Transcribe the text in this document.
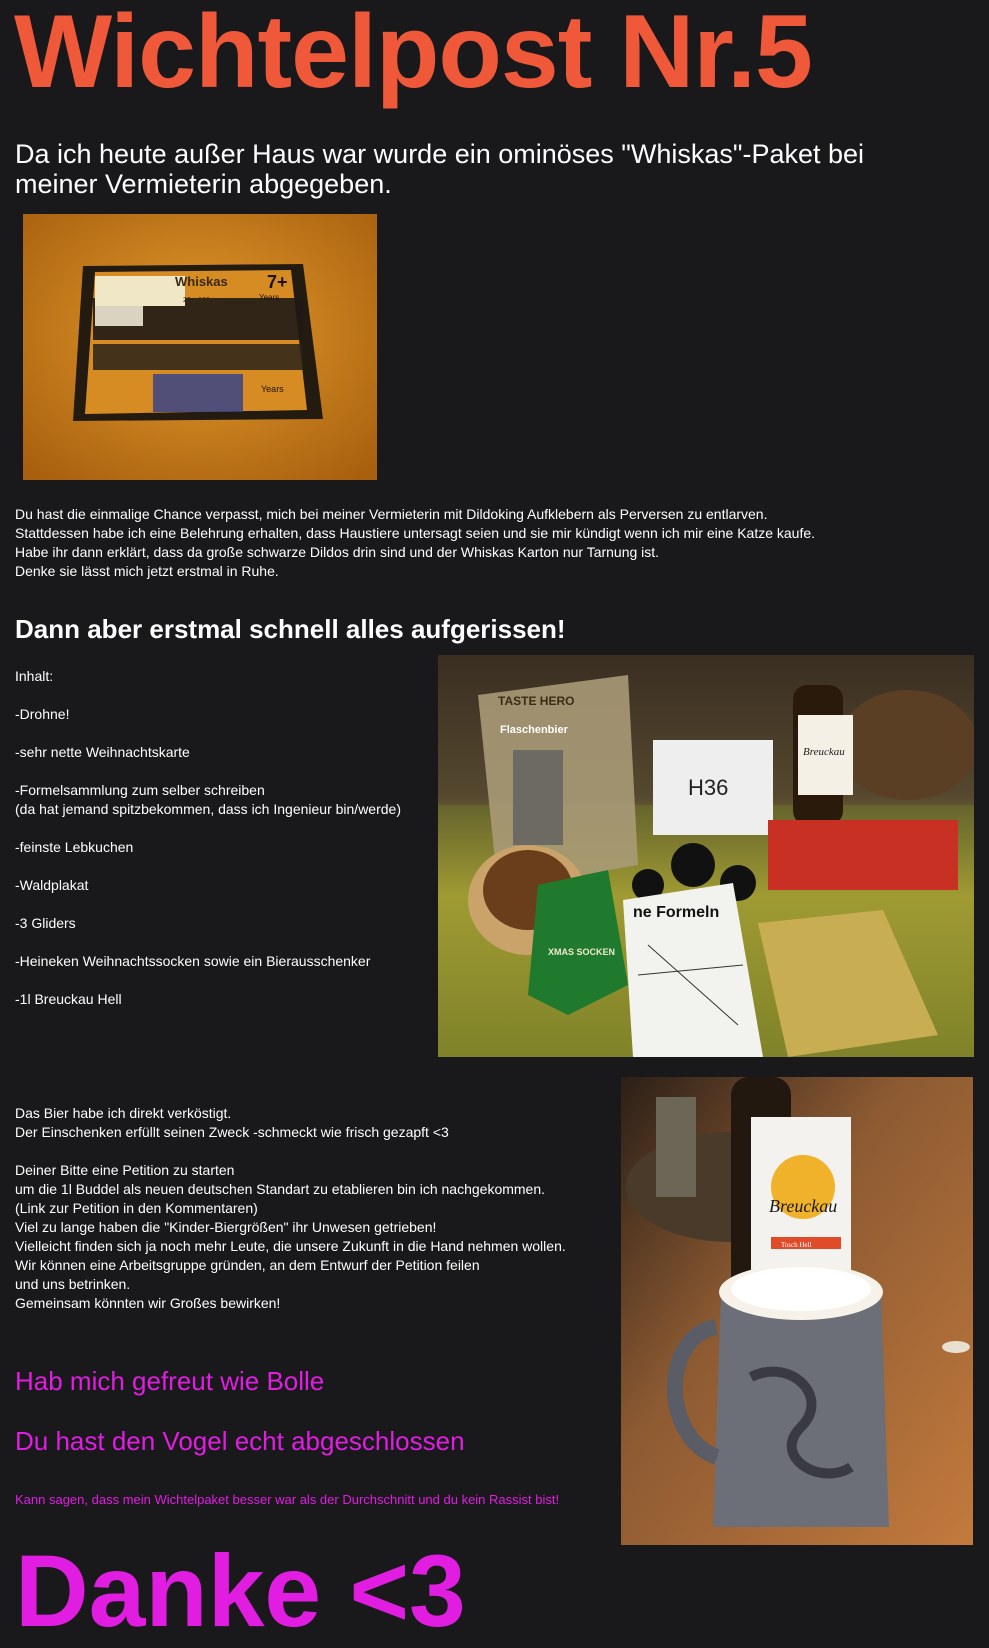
Wichtelpost Nr.5

Da ich heute außer Haus war wurde ein ominöses "Whiskas"-Paket bei meiner Vermieterin abgegeben.

Whiskas 7+
Years
20 x 100 g
Years

Du hast die einmalige Chance verpasst, mich bei meiner Vermieterin mit Dildoking Aufklebern als Perversen zu entlarven.

Stattdessen habe ich eine Belehrung erhalten, dass Haustiere untersagt seien und sie mir kündigt wenn ich mir eine Katze kaufe.

Habe ihr dann erklärt, dass da große schwarze Dildos drin sind und der Whiskas Karton nur Tarnung ist.

Denke sie lässt mich jetzt erstmal in Ruhe.

Dann aber erstmal schnell alles aufgerissen!

Inhalt:

-Drohne!

-sehr nette Weihnachtskarte

-Formelsammlung zum selber schreiben
(da hat jemand spitzbekommen, dass ich Ingenieur bin/werde)

-feinste Lebkuchen

-Waldplakat

-3 Gliders

-Heineken Weihnachtssocken sowie ein Bierausschenker

-1l Breuckau Hell

TASTE HERO
Flaschenbier
H36
Breuckau
XMAS SOCKEN
ne Formeln

Das Bier habe ich direkt verköstigt.
Der Einschenken erfüllt seinen Zweck -schmeckt wie frisch gezapft <3

Deiner Bitte eine Petition zu starten
um die 1l Buddel als neuen deutschen Standart zu etablieren bin ich nachgekommen.
(Link zur Petition in den Kommentaren)
Viel zu lange haben die "Kinder-Biergrößen" ihr Unwesen getrieben!
Vielleicht finden sich ja noch mehr Leute, die unsere Zukunft in die Hand nehmen wollen.
Wir können eine Arbeitsgruppe gründen, an dem Entwurf der Petition feilen
und uns betrinken.
Gemeinsam könnten wir Großes bewirken!

Breuckau
Tosch Hell

Hab mich gefreut wie Bolle

Du hast den Vogel echt abgeschlossen

Kann sagen, dass mein Wichtelpaket besser war als der Durchschnitt und du kein Rassist bist!

Danke <3
